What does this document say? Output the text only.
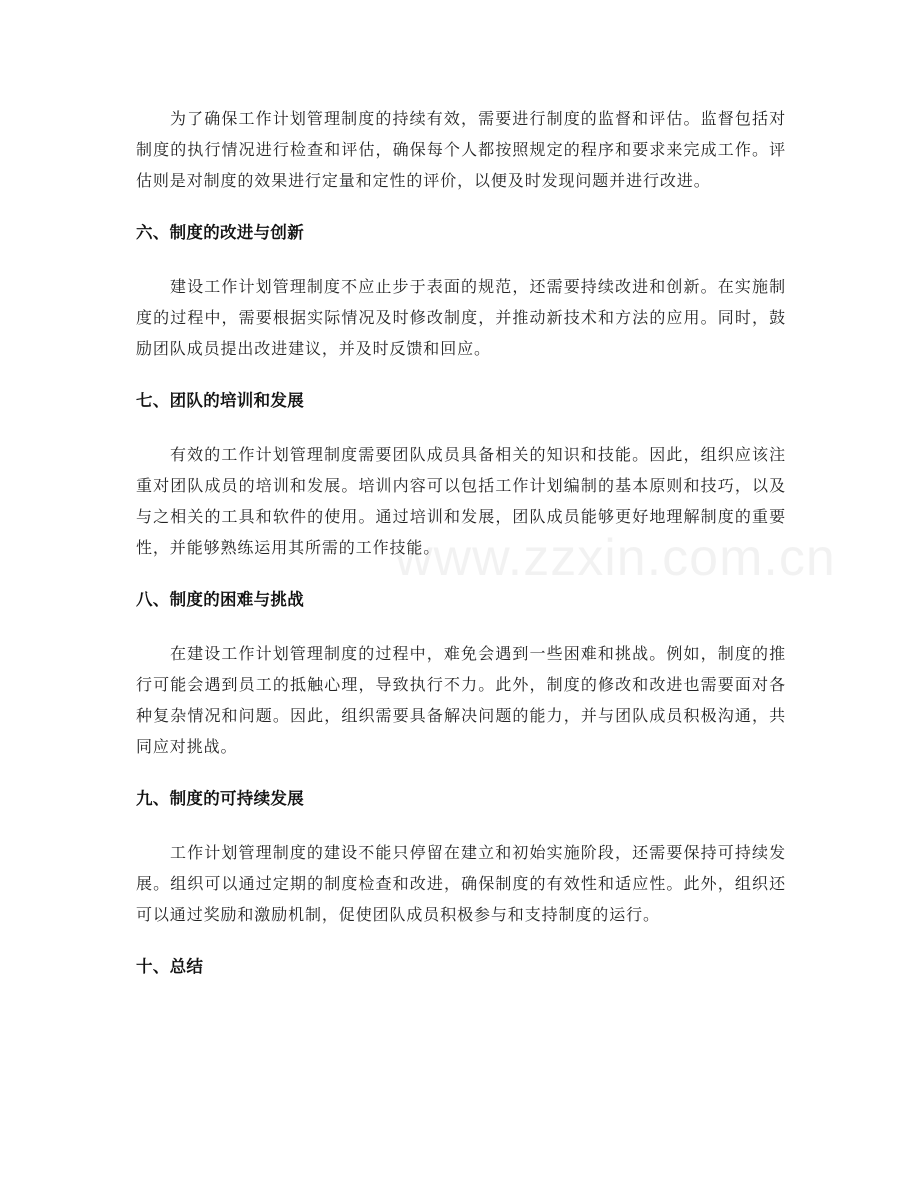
www.zzxin.com.cn

为了确保工作计划管理制度的持续有效，需要进行制度的监督和评估。监督包括对制度的执行情况进行检查和评估，确保每个人都按照规定的程序和要求来完成工作。评估则是对制度的效果进行定量和定性的评价，以便及时发现问题并进行改进。

六、制度的改进与创新

建设工作计划管理制度不应止步于表面的规范，还需要持续改进和创新。在实施制度的过程中，需要根据实际情况及时修改制度，并推动新技术和方法的应用。同时，鼓励团队成员提出改进建议，并及时反馈和回应。

七、团队的培训和发展

有效的工作计划管理制度需要团队成员具备相关的知识和技能。因此，组织应该注重对团队成员的培训和发展。培训内容可以包括工作计划编制的基本原则和技巧，以及与之相关的工具和软件的使用。通过培训和发展，团队成员能够更好地理解制度的重要性，并能够熟练运用其所需的工作技能。

八、制度的困难与挑战

在建设工作计划管理制度的过程中，难免会遇到一些困难和挑战。例如，制度的推行可能会遇到员工的抵触心理，导致执行不力。此外，制度的修改和改进也需要面对各种复杂情况和问题。因此，组织需要具备解决问题的能力，并与团队成员积极沟通，共同应对挑战。

九、制度的可持续发展

工作计划管理制度的建设不能只停留在建立和初始实施阶段，还需要保持可持续发展。组织可以通过定期的制度检查和改进，确保制度的有效性和适应性。此外，组织还可以通过奖励和激励机制，促使团队成员积极参与和支持制度的运行。

十、总结
